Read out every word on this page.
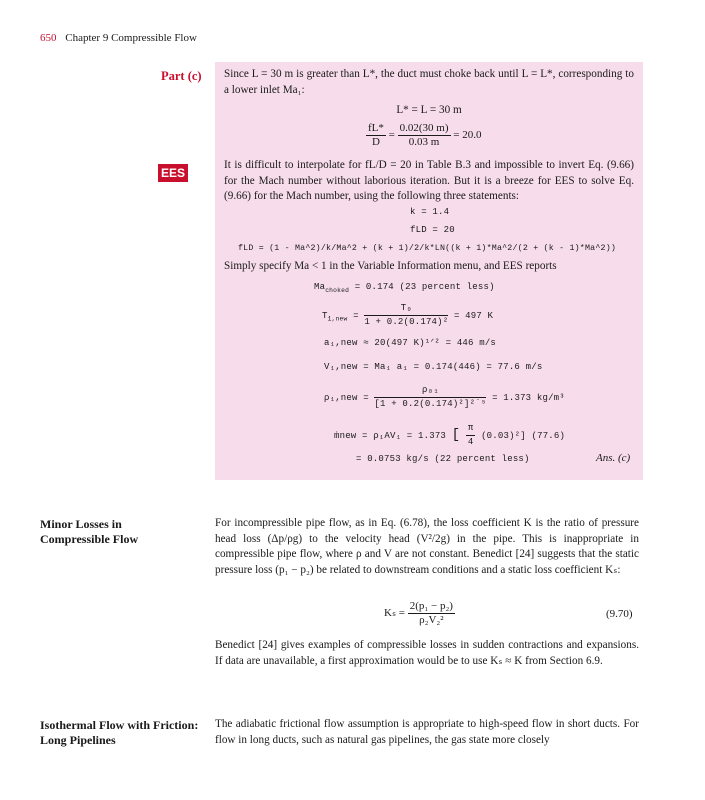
650 Chapter 9 Compressible Flow
Part (c)
EES
Since L = 30 m is greater than L*, the duct must choke back until L = L*, corresponding to a lower inlet Ma₁:
L* = L = 30 m
$\frac{fL*}{D} = \frac{0.02(30 m)}{0.03 m} = 20.0$
It is difficult to interpolate for fL/D = 20 in Table B.3 and impossible to invert Eq. (9.66) for the Mach number without laborious iteration. But it is a breeze for EES to solve Eq. (9.66) for the Mach number, using the following three statements:
k = 1.4
fLD = 20
fLD = (1 - Ma^2)/k/Ma^2 + (k + 1)/2/k*LN((k + 1)*Ma^2/(2 + (k - 1)*Ma^2))
Simply specify Ma < 1 in the Variable Information menu, and EES reports
$Ma_{choked} = 0.174$ (23 percent less)
$T_{1,new} = \frac{\text{T₀}}{\text{1 + 0.2(0.174)²}} = 497$ K
a₁,new ≈ 20(497 K)¹ᐟ² = 446 m/s
V₁,new = Ma₁ a₁ = 0.174(446) = 77.6 m/s
$\rho_1,new = \frac{\text{ρ₀₁}}{\text{[1 + 0.2(0.174)²]²˙⁵}} = 1.373$ kg/m³
ṁnew = ρ₁AV₁ = 1.373 [ $\frac{\pi}{4} (0.03)^2$] (77.6)
= 0.0753 kg/s (22 percent less)	Ans. (c)
Minor Losses in
Compressible Flow
For incompressible pipe flow, as in Eq. (6.78), the loss coefficient K is the ratio of pressure head loss (Δp/ρg) to the velocity head (V²/2g) in the pipe. This is inappropriate in compressible pipe flow, where ρ and V are not constant. Benedict [24] suggests that the static pressure loss (p₁ − p₂) be related to downstream conditions and a static loss coefficient Kₛ:
$K_s = \frac{\text{2(p₁ − p₂)}}{\text{ρ₂V₂²}}$	(9.70)
Benedict [24] gives examples of compressible losses in sudden contractions and expansions. If data are unavailable, a first approximation would be to use Kₛ ≈ K from Section 6.9.
Isothermal Flow with Friction:
Long Pipelines
The adiabatic frictional flow assumption is appropriate to high-speed flow in short ducts. For flow in long ducts, such as natural gas pipelines, the gas state more closely
